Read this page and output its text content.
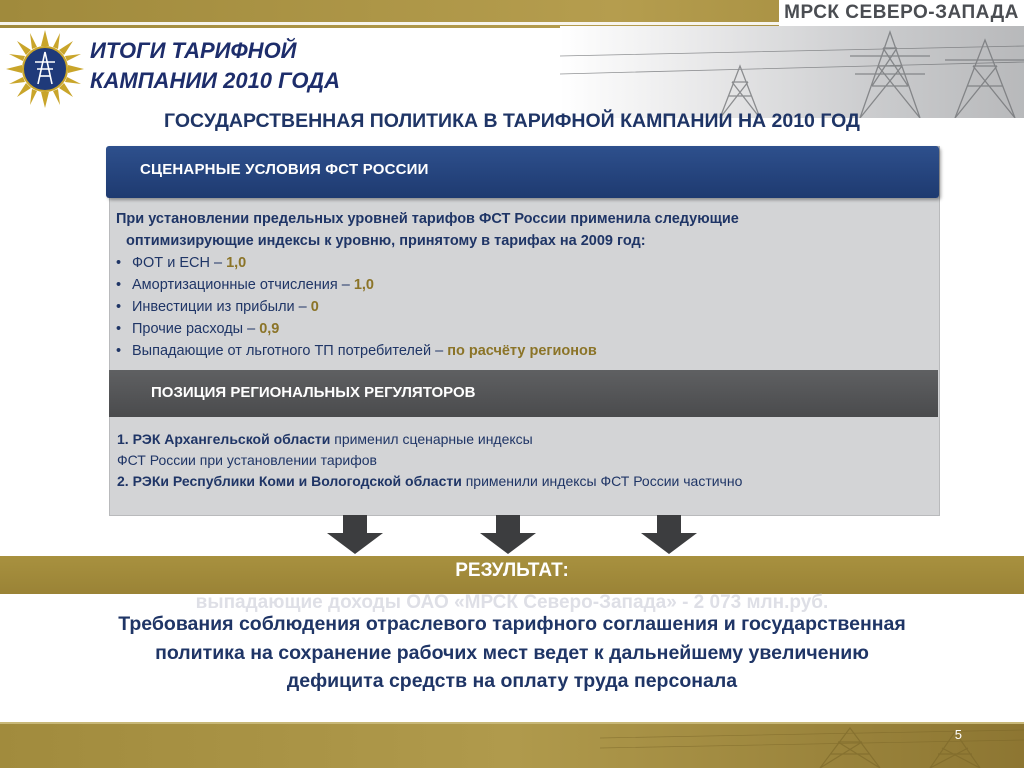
МРСК СЕВЕРО-ЗАПАДА
ИТОГИ ТАРИФНОЙ
КАМПАНИИ 2010 ГОДА
ГОСУДАРСТВЕННАЯ ПОЛИТИКА В ТАРИФНОЙ КАМПАНИИ НА 2010 ГОД
СЦЕНАРНЫЕ УСЛОВИЯ ФСТ РОССИИ
При установлении предельных уровней тарифов ФСТ России применила следующие
оптимизирующие индексы к уровню, принятому в тарифах на 2009 год:
• ФОТ и ЕСН – 1,0
• Амортизационные отчисления – 1,0
• Инвестиции из прибыли – 0
• Прочие расходы – 0,9
• Выпадающие от льготного ТП потребителей – по расчёту регионов
ПОЗИЦИЯ РЕГИОНАЛЬНЫХ РЕГУЛЯТОРОВ
1. РЭК Архангельской области применил сценарные индексы
ФСТ России при установлении тарифов
2. РЭКи Республики Коми и Вологодской области применили индексы ФСТ России частично
РЕЗУЛЬТАТ:
выпадающие доходы ОАО «МРСК Северо-Запада» - 2 073 млн.руб.
Требования соблюдения отраслевого тарифного соглашения и государственная
политика на сохранение рабочих мест ведет к дальнейшему увеличению
дефицита средств на оплату труда персонала
5
